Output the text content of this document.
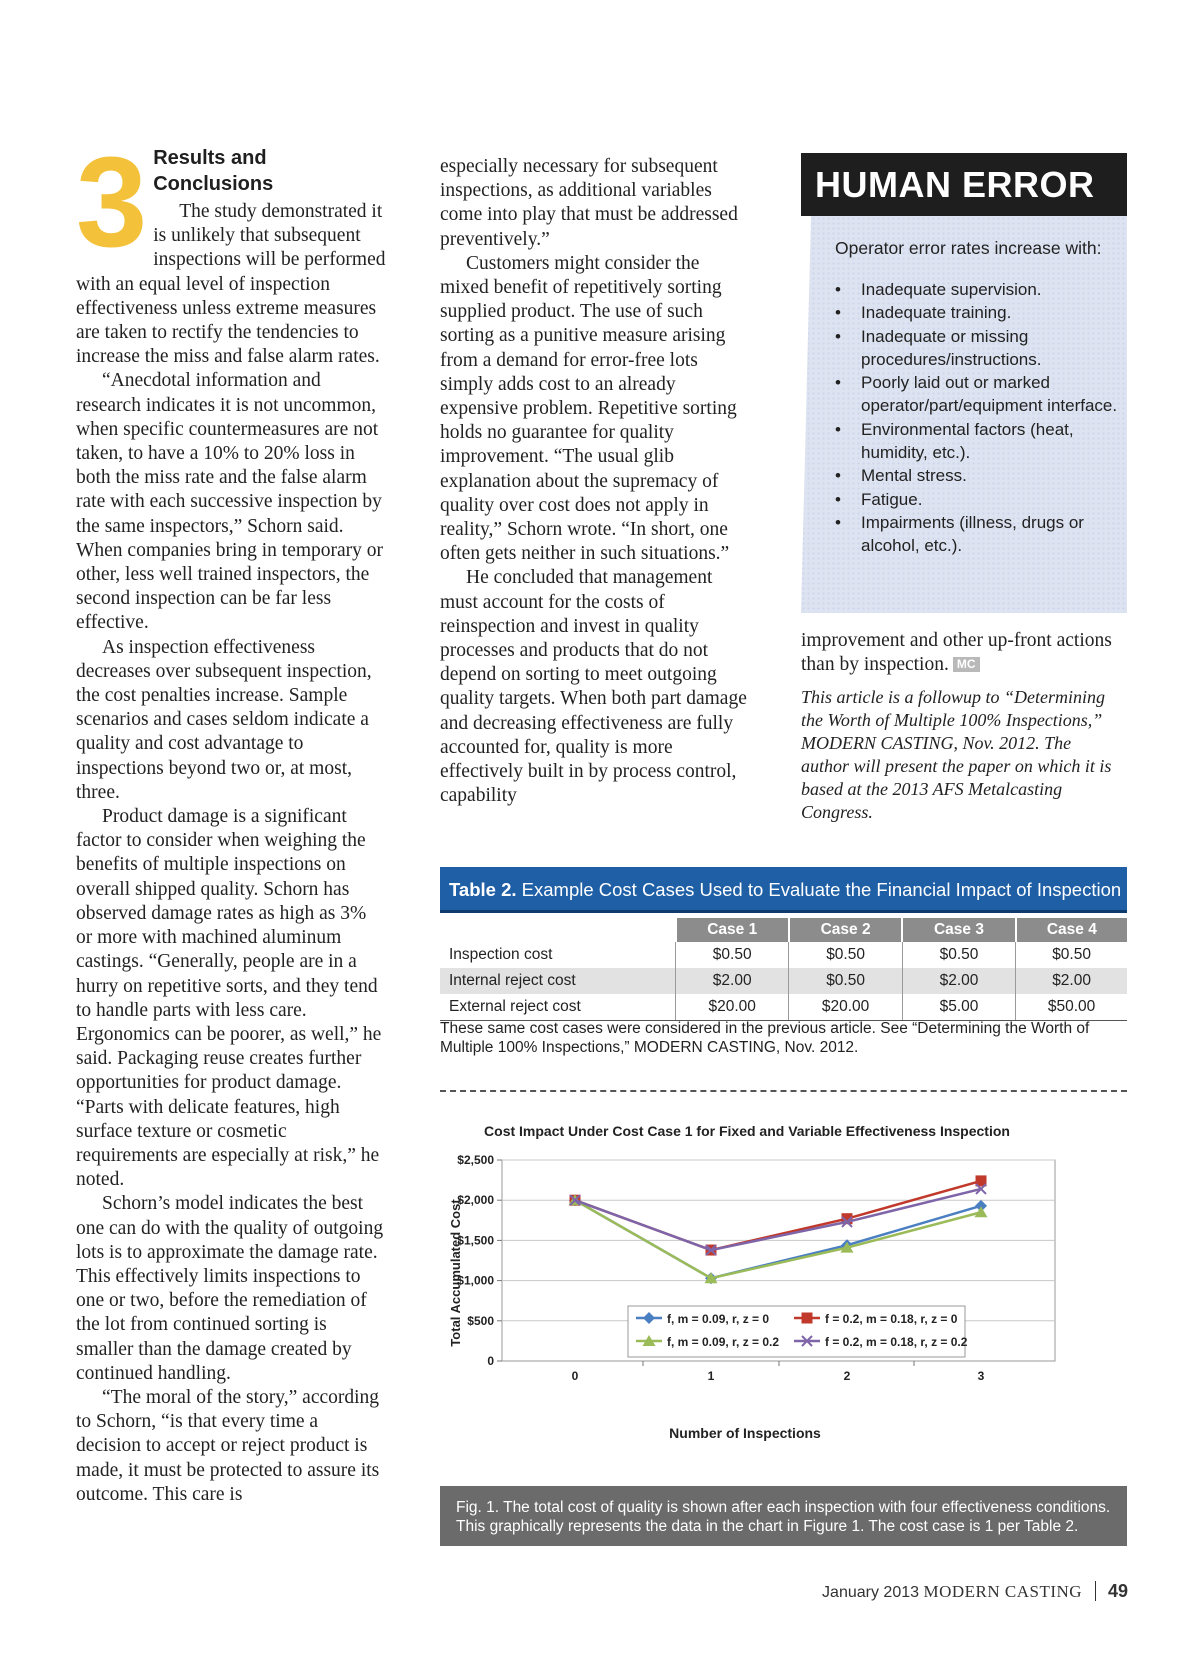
3 Results and Conclusions

The study demonstrated it is unlikely that subsequent inspections will be performed with an equal level of inspection effectiveness unless extreme measures are taken to rectify the tendencies to increase the miss and false alarm rates.

“Anecdotal information and research indicates it is not uncommon, when specific countermeasures are not taken, to have a 10% to 20% loss in both the miss rate and the false alarm rate with each successive inspection by the same inspectors,” Schorn said. When companies bring in temporary or other, less well trained inspectors, the second inspection can be far less effective.

As inspection effectiveness decreases over subsequent inspection, the cost penalties increase. Sample scenarios and cases seldom indicate a quality and cost advantage to inspections beyond two or, at most, three.

Product damage is a significant factor to consider when weighing the benefits of multiple inspections on overall shipped quality. Schorn has observed damage rates as high as 3% or more with machined aluminum castings. “Generally, people are in a hurry on repetitive sorts, and they tend to handle parts with less care. Ergonomics can be poorer, as well,” he said. Packaging reuse creates further opportunities for product damage. “Parts with delicate features, high surface texture or cosmetic requirements are especially at risk,” he noted.

Schorn’s model indicates the best one can do with the quality of outgoing lots is to approximate the damage rate. This effectively limits inspections to one or two, before the remediation of the lot from continued sorting is smaller than the damage created by continued handling.

“The moral of the story,” according to Schorn, “is that every time a decision to accept or reject product is made, it must be protected to assure its outcome. This care is

especially necessary for subsequent inspections, as additional variables come into play that must be addressed preventively.”

Customers might consider the mixed benefit of repetitively sorting supplied product. The use of such sorting as a punitive measure arising from a demand for error-free lots simply adds cost to an already expensive problem. Repetitive sorting holds no guarantee for quality improvement. “The usual glib explanation about the supremacy of quality over cost does not apply in reality,” Schorn wrote. “In short, one often gets neither in such situations.”

He concluded that management must account for the costs of reinspection and invest in quality processes and products that do not depend on sorting to meet outgoing quality targets. When both part damage and decreasing effectiveness are fully accounted for, quality is more effectively built in by process control, capability

HUMAN ERROR
Operator error rates increase with:
• Inadequate supervision.
• Inadequate training.
• Inadequate or missing procedures/instructions.
• Poorly laid out or marked operator/part/equipment interface.
• Environmental factors (heat, humidity, etc.).
• Mental stress.
• Fatigue.
• Impairments (illness, drugs or alcohol, etc.).
improvement and other up-front actions than by inspection. MC
This article is a followup to “Determining the Worth of Multiple 100% Inspections,” MODERN CASTING, Nov. 2012. The author will present the paper on which it is based at the 2013 AFS Metalcasting Congress.
Table 2. Example Cost Cases Used to Evaluate the Financial Impact of Inspection
	Case 1	Case 2	Case 3	Case 4
Inspection cost	$0.50	$0.50	$0.50	$0.50
Internal reject cost	$2.00	$0.50	$2.00	$2.00
External reject cost	$20.00	$20.00	$5.00	$50.00
These same cost cases were considered in the previous article. See “Determining the Worth of Multiple 100% Inspections,” MODERN CASTING, Nov. 2012.
Cost Impact Under Cost Case 1 for Fixed and Variable Effectiveness Inspection
0
$500
$1,000
$1,500
$2,000
$2,500
0	1	2	3
f, m = 0.09, r, z = 0	f = 0.2, m = 0.18, r, z = 0
f, m = 0.09, r, z = 0.2	f = 0.2, m = 0.18, r, z = 0.2
Number of Inspections
Total Accumulated Cost
Fig. 1. The total cost of quality is shown after each inspection with four effectiveness conditions. This graphically represents the data in the chart in Figure 1. The cost case is 1 per Table 2.
January 2013 MODERN CASTING 49
